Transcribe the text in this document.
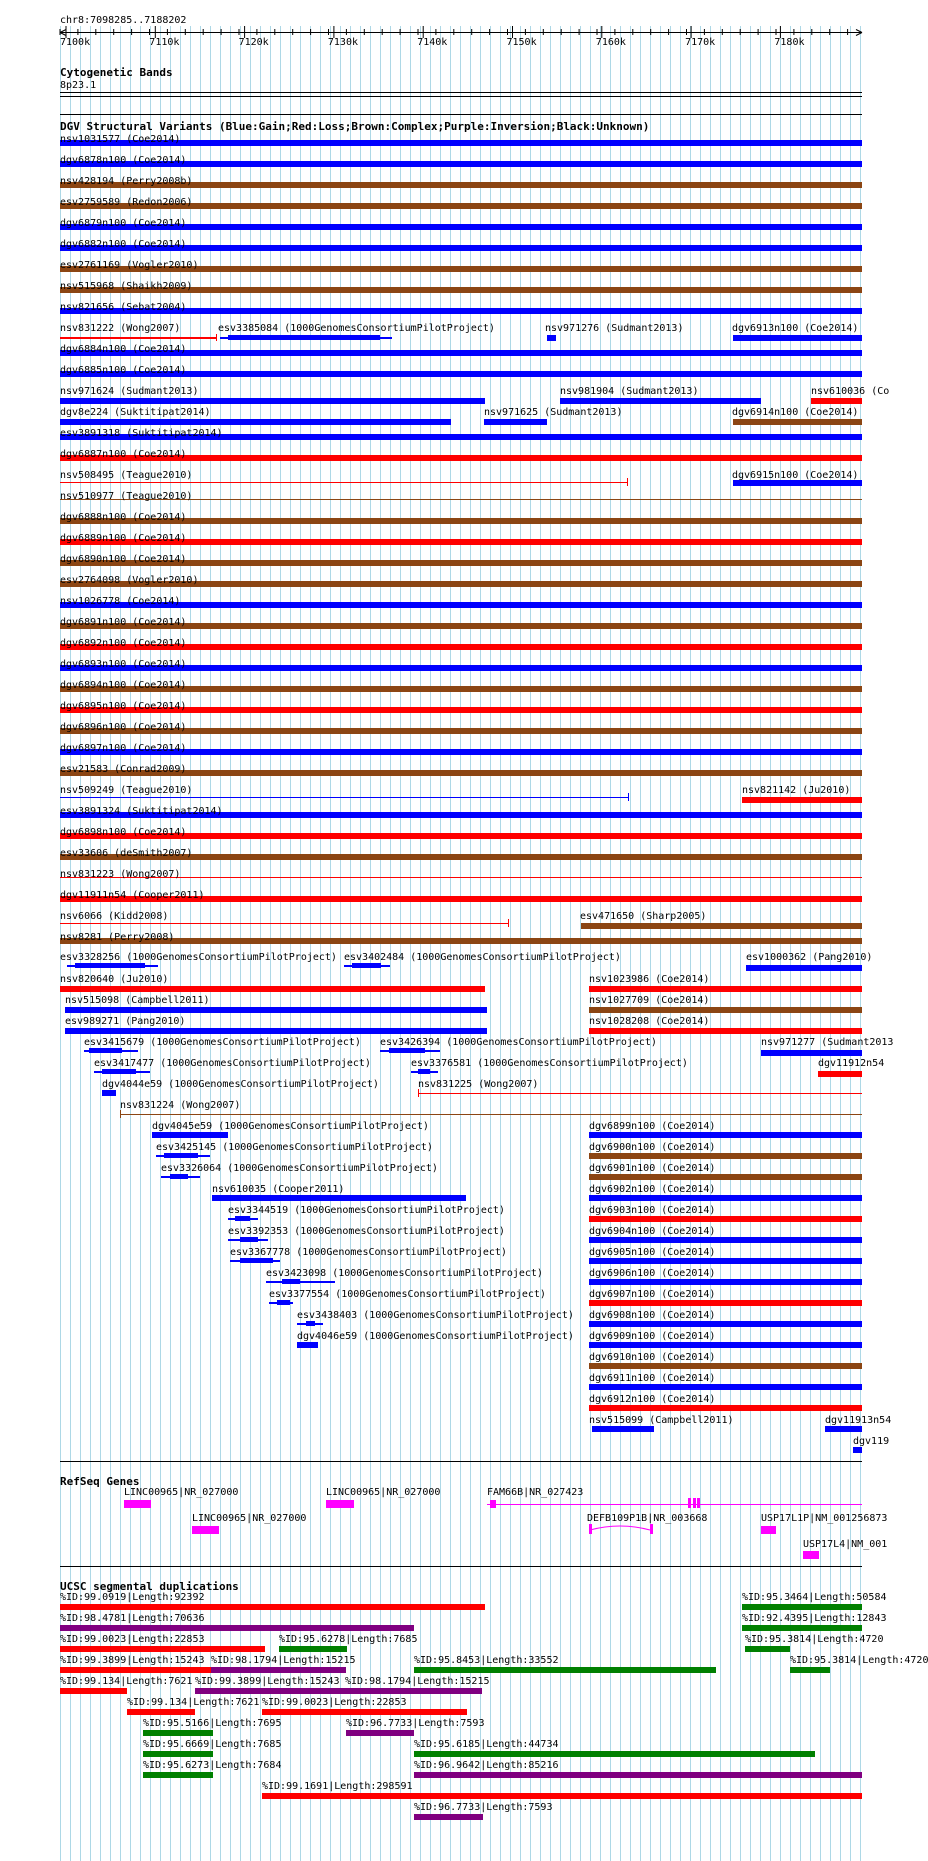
chr8:7098285..7188202
7100k	7110k	7120k	7130k	7140k	7150k	7160k	7170k	7180k
Cytogenetic Bands
8p23.1
DGV Structural Variants (Blue:Gain;Red:Loss;Brown:Complex;Purple:Inversion;Black:Unknown)
nsv1031577 (Coe2014)
dgv6878n100 (Coe2014)
nsv428194 (Perry2008b)
esv2759589 (Redon2006)
dgv6879n100 (Coe2014)
dgv6882n100 (Coe2014)
esv2761169 (Vogler2010)
nsv515968 (Shaikh2009)
nsv821656 (Sebat2004)
dgv6884n100 (Coe2014)
dgv6885n100 (Coe2014)
esv3891318 (Suktitipat2014)
dgv6887n100 (Coe2014)
nsv510977 (Teague2010)
dgv6888n100 (Coe2014)
dgv6889n100 (Coe2014)
dgv6890n100 (Coe2014)
esv2764098 (Vogler2010)
nsv1026778 (Coe2014)
dgv6891n100 (Coe2014)
dgv6892n100 (Coe2014)
dgv6893n100 (Coe2014)
dgv6894n100 (Coe2014)
dgv6895n100 (Coe2014)
dgv6896n100 (Coe2014)
dgv6897n100 (Coe2014)
esv21583 (Conrad2009)
esv3891324 (Suktitipat2014)
dgv6898n100 (Coe2014)
esv33606 (deSmith2007)
nsv831223 (Wong2007)
dgv11911n54 (Cooper2011)
nsv8281 (Perry2008)
nsv831222 (Wong2007)	esv3385084 (1000GenomesConsortiumPilotProject)	nsv971276 (Sudmant2013)	dgv6913n100 (Coe2014)
nsv971624 (Sudmant2013)	nsv981904 (Sudmant2013)	nsv610036 (Co
dgv8e224 (Suktitipat2014)	nsv971625 (Sudmant2013)	dgv6914n100 (Coe2014)
nsv508495 (Teague2010)	dgv6915n100 (Coe2014)
nsv509249 (Teague2010)	nsv821142 (Ju2010)
nsv6066 (Kidd2008)	esv471650 (Sharp2005)
esv3328256 (1000GenomesConsortiumPilotProject) esv3402484 (1000GenomesConsortiumPilotProject)	esv1000362 (Pang2010)
nsv820640 (Ju2010)	nsv1023986 (Coe2014)
nsv515098 (Campbell2011)	nsv1027709 (Coe2014)
esv989271 (Pang2010)	nsv1028208 (Coe2014)
esv3415679 (1000GenomesConsortiumPilotProject) esv3426394 (1000GenomesConsortiumPilotProject)	nsv971277 (Sudmant2013
esv3417477 (1000GenomesConsortiumPilotProject)	esv3376581 (1000GenomesConsortiumPilotProject)	dgv11912n54
dgv4044e59 (1000GenomesConsortiumPilotProject)	nsv831225 (Wong2007)
nsv831224 (Wong2007)
dgv4045e59 (1000GenomesConsortiumPilotProject)	dgv6899n100 (Coe2014)
esv3425145 (1000GenomesConsortiumPilotProject)	dgv6900n100 (Coe2014)
esv3326064 (1000GenomesConsortiumPilotProject)	dgv6901n100 (Coe2014)
nsv610035 (Cooper2011)	dgv6902n100 (Coe2014)
esv3344519 (1000GenomesConsortiumPilotProject)	dgv6903n100 (Coe2014)
esv3392353 (1000GenomesConsortiumPilotProject)	dgv6904n100 (Coe2014)
esv3367778 (1000GenomesConsortiumPilotProject)	dgv6905n100 (Coe2014)
esv3423098 (1000GenomesConsortiumPilotProject)	dgv6906n100 (Coe2014)
esv3377554 (1000GenomesConsortiumPilotProject)	dgv6907n100 (Coe2014)
esv3438403 (1000GenomesConsortiumPilotProject) dgv6908n100 (Coe2014)
dgv4046e59 (1000GenomesConsortiumPilotProject) dgv6909n100 (Coe2014)
dgv6910n100 (Coe2014)
dgv6911n100 (Coe2014)
dgv6912n100 (Coe2014)
nsv515099 (Campbell2011)	dgv11913n54
dgv119
RefSeq Genes
LINC00965|NR_027000	LINC00965|NR_027000	FAM66B|NR_027423
LINC00965|NR_027000	DEFB109P1B|NR_003668	USP17L1P|NM_001256873
USP17L4|NM_001
UCSC segmental duplications
%ID:99.0919|Length:92392	%ID:95.3464|Length:50584
%ID:98.4781|Length:70636	%ID:92.4395|Length:12843
%ID:99.0023|Length:22853	%ID:95.6278|Length:7685	%ID:95.3814|Length:4720
%ID:99.3899|Length:15243 %ID:98.1794|Length:15215	%ID:95.8453|Length:33552	%ID:95.3814|Length:4720
%ID:99.134|Length:7621 %ID:99.3899|Length:15243 %ID:98.1794|Length:15215
%ID:99.134|Length:7621 %ID:99.0023|Length:22853
%ID:95.5166|Length:7695	%ID:96.7733|Length:7593
%ID:95.6669|Length:7685	%ID:95.6185|Length:44734
%ID:95.6273|Length:7684	%ID:96.9642|Length:85216
%ID:99.1691|Length:298591
%ID:96.7733|Length:7593
